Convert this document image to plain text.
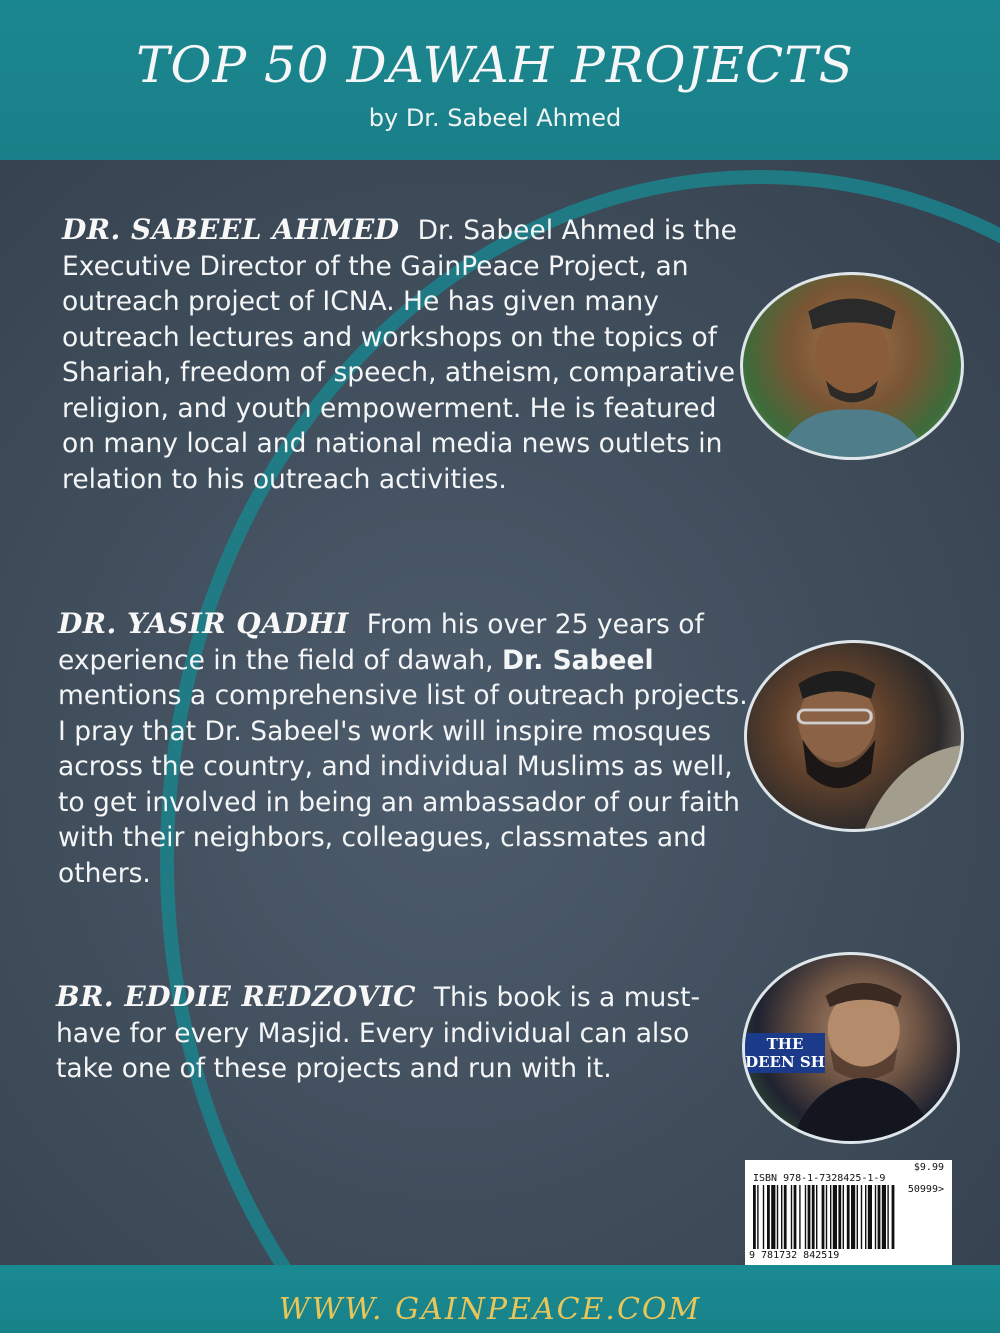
TOP 50 DAWAH PROJECTS
by Dr. Sabeel Ahmed
DR. SABEEL AHMED Dr. Sabeel Ahmed is the Executive Director of the GainPeace Project, an outreach project of ICNA. He has given many outreach lectures and workshops on the topics of Shariah, freedom of speech, atheism, comparative religion, and youth empowerment. He is featured on many local and national media news outlets in relation to his outreach activities.
DR. YASIR QADHI From his over 25 years of experience in the field of dawah, Dr. Sabeel mentions a comprehensive list of outreach projects. I pray that Dr. Sabeel's work will inspire mosques across the country, and individual Muslims as well, to get involved in being an ambassador of our faith with their neighbors, colleagues, classmates and others.
BR. EDDIE REDZOVIC This book is a must-have for every Masjid. Every individual can also take one of these projects and run with it.
THE DEEN SH
$9.99
ISBN 978-1-7328425-1-9
50999>
9 781732 842519
WWW. GAINPEACE.COM
